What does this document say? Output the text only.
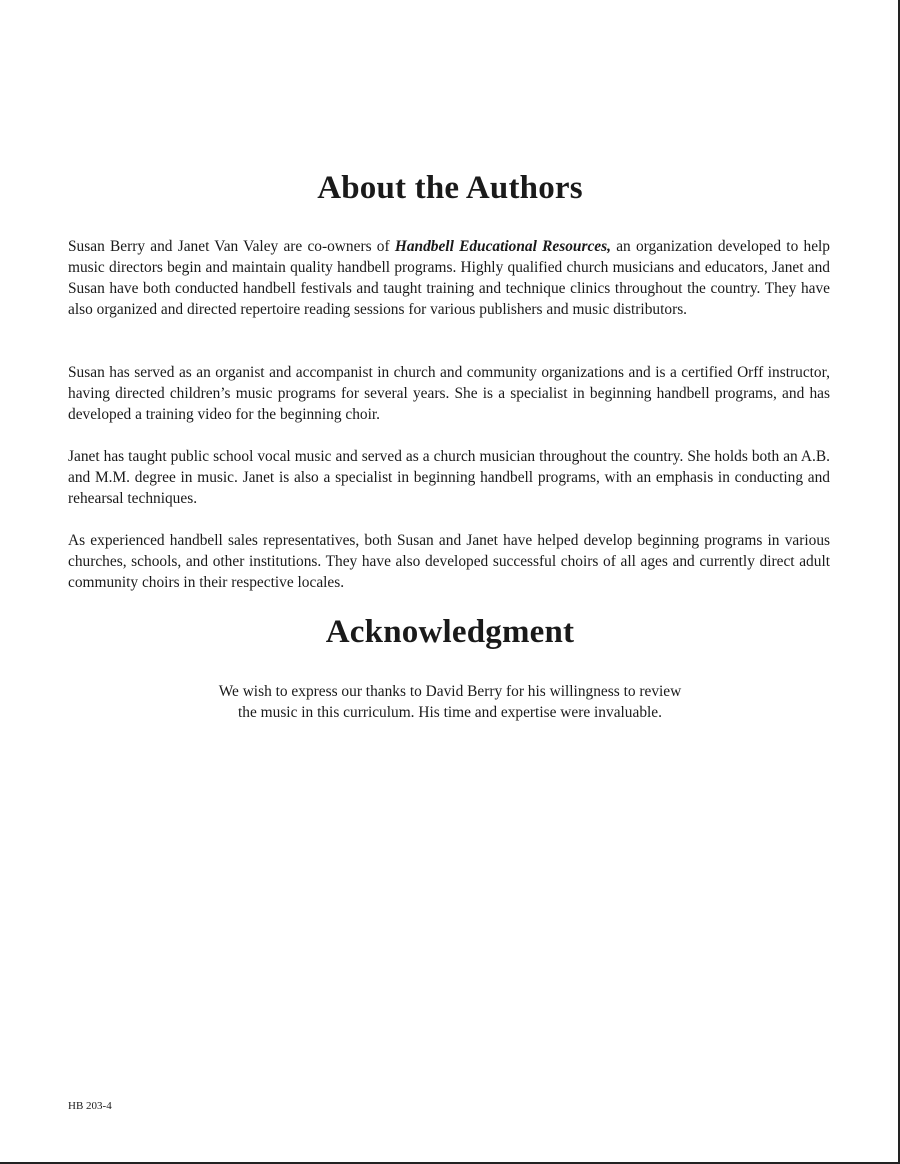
About the Authors

Susan Berry and Janet Van Valey are co-owners of Handbell Educational Resources, an organization developed to help music directors begin and maintain quality handbell programs. Highly qualified church musicians and educators, Janet and Susan have both conducted handbell festivals and taught training and technique clinics throughout the country. They have also organized and directed repertoire reading sessions for various publishers and music distributors.

Susan has served as an organist and accompanist in church and community organizations and is a certified Orff instructor, having directed children’s music programs for several years. She is a specialist in beginning handbell programs, and has developed a training video for the beginning choir.

Janet has taught public school vocal music and served as a church musician throughout the country. She holds both an A.B. and M.M. degree in music. Janet is also a specialist in beginning handbell programs, with an emphasis in conducting and rehearsal techniques.

As experienced handbell sales representatives, both Susan and Janet have helped develop beginning programs in various churches, schools, and other institutions. They have also developed successful choirs of all ages and currently direct adult community choirs in their respective locales.

Acknowledgment

We wish to express our thanks to David Berry for his willingness to review
the music in this curriculum. His time and expertise were invaluable.

HB 203-4
